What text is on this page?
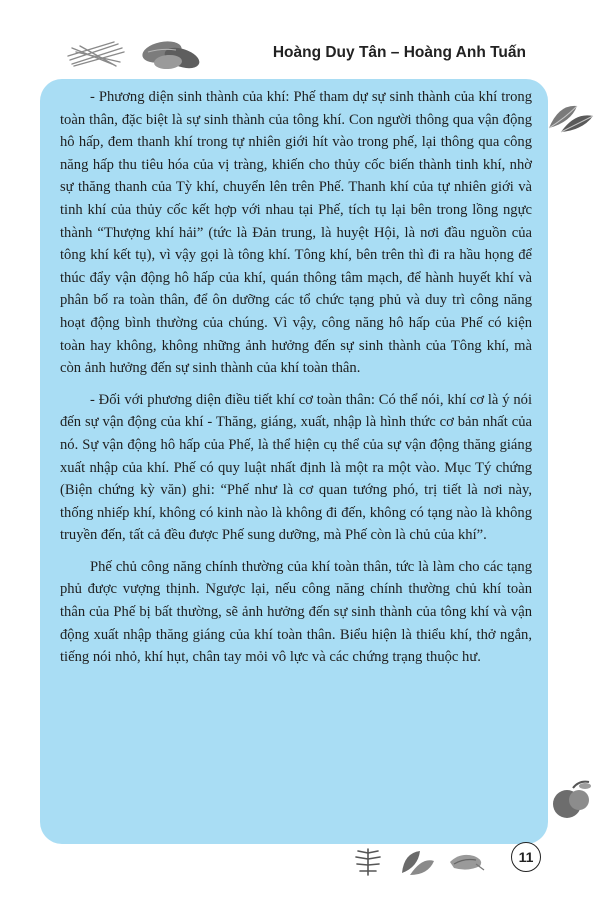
Hoàng Duy Tân – Hoàng Anh Tuấn

- Phương diện sinh thành của khí: Phế tham dự sự sinh thành của khí trong toàn thân, đặc biệt là sự sinh thành của tông khí. Con người thông qua vận động hô hấp, đem thanh khí trong tự nhiên giới hít vào trong phế, lại thông qua công năng hấp thu tiêu hóa của vị tràng, khiến cho thủy cốc biến thành tinh khí, nhờ sự thăng thanh của Tỳ khí, chuyển lên trên Phế. Thanh khí của tự nhiên giới và tinh khí của thủy cốc kết hợp với nhau tại Phế, tích tụ lại bên trong lồng ngực thành “Thượng khí hải” (tức là Đản trung, là huyệt Hội, là nơi đầu nguồn của tông khí kết tụ), vì vậy gọi là tông khí. Tông khí, bên trên thì đi ra hầu họng để thúc đẩy vận động hô hấp của khí, quán thông tâm mạch, để hành huyết khí và phân bố ra toàn thân, để ôn dưỡng các tổ chức tạng phủ và duy trì công năng hoạt động bình thường của chúng. Vì vậy, công năng hô hấp của Phế có kiện toàn hay không, không những ảnh hưởng đến sự sinh thành của Tông khí, mà còn ảnh hưởng đến sự sinh thành của khí toàn thân.

- Đối với phương diện điều tiết khí cơ toàn thân: Có thể nói, khí cơ là ý nói đến sự vận động của khí - Thăng, giáng, xuất, nhập là hình thức cơ bản nhất của nó. Sự vận động hô hấp của Phế, là thể hiện cụ thể của sự vận động thăng giáng xuất nhập của khí. Phế có quy luật nhất định là một ra một vào. Mục Tý chứng (Biện chứng kỳ văn) ghi: “Phế như là cơ quan tướng phó, trị tiết là nơi này, thống nhiếp khí, không có kinh nào là không đi đến, không có tạng nào là không truyền đến, tất cả đều được Phế sung dưỡng, mà Phế còn là chủ của khí”.

Phế chủ công năng chính thường của khí toàn thân, tức là làm cho các tạng phủ được vượng thịnh. Ngược lại, nếu công năng chính thường chủ khí toàn thân của Phế bị bất thường, sẽ ảnh hưởng đến sự sinh thành của tông khí và vận động xuất nhập thăng giáng của khí toàn thân. Biểu hiện là thiểu khí, thở ngắn, tiếng nói nhỏ, khí hụt, chân tay mỏi vô lực và các chứng trạng thuộc hư.

11
